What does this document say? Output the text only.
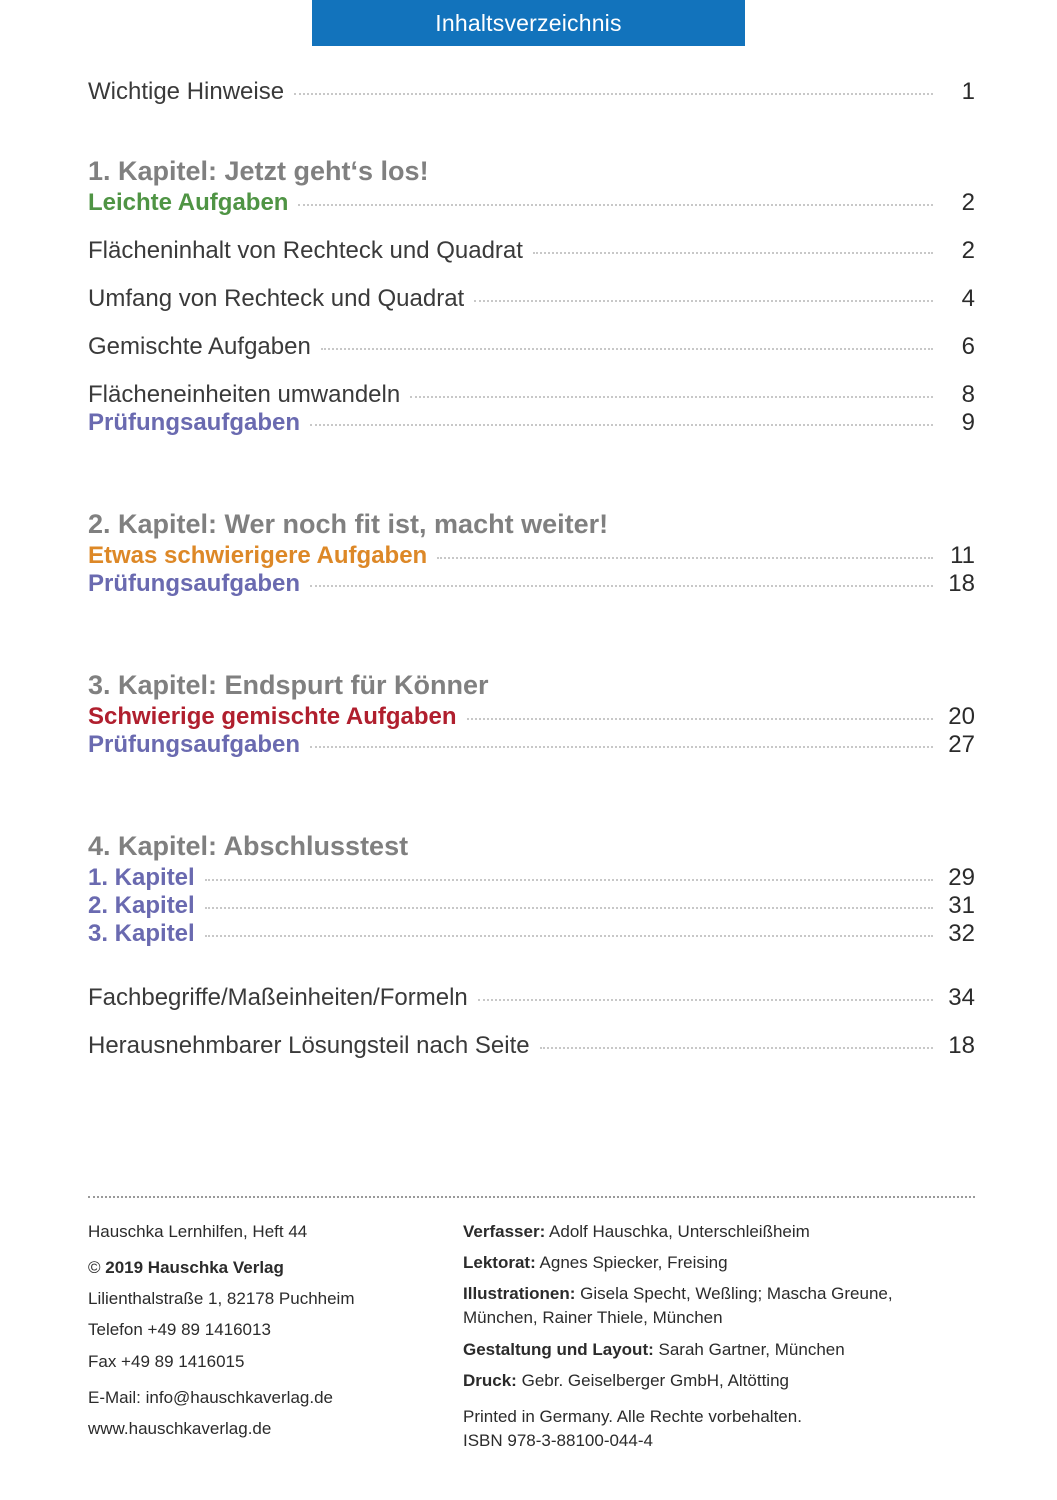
Inhaltsverzeichnis
Wichtige Hinweise	1
1. Kapitel: Jetzt geht‘s los!
Leichte Aufgaben	2
Flächeninhalt von Rechteck und Quadrat	2
Umfang von Rechteck und Quadrat	4
Gemischte Aufgaben	6
Flächeneinheiten umwandeln	8
Prüfungsaufgaben	9
2. Kapitel: Wer noch fit ist, macht weiter!
Etwas schwierigere Aufgaben	11
Prüfungsaufgaben	18
3. Kapitel: Endspurt für Könner
Schwierige gemischte Aufgaben	20
Prüfungsaufgaben	27
4. Kapitel: Abschlusstest
1. Kapitel	29
2. Kapitel	31
3. Kapitel	32
Fachbegriffe/Maßeinheiten/Formeln	34
Herausnehmbarer Lösungsteil nach Seite	18
Hauschka Lernhilfen, Heft 44
© 2019 Hauschka Verlag
Lilienthalstraße 1, 82178 Puchheim
Telefon +49 89 1416013
Fax +49 89 1416015
E-Mail: info@hauschkaverlag.de
www.hauschkaverlag.de
Verfasser: Adolf Hauschka, Unterschleißheim
Lektorat: Agnes Spiecker, Freising
Illustrationen: Gisela Specht, Weßling; Mascha Greune,
München, Rainer Thiele, München
Gestaltung und Layout: Sarah Gartner, München
Druck: Gebr. Geiselberger GmbH, Altötting
Printed in Germany. Alle Rechte vorbehalten.
ISBN 978-3-88100-044-4
